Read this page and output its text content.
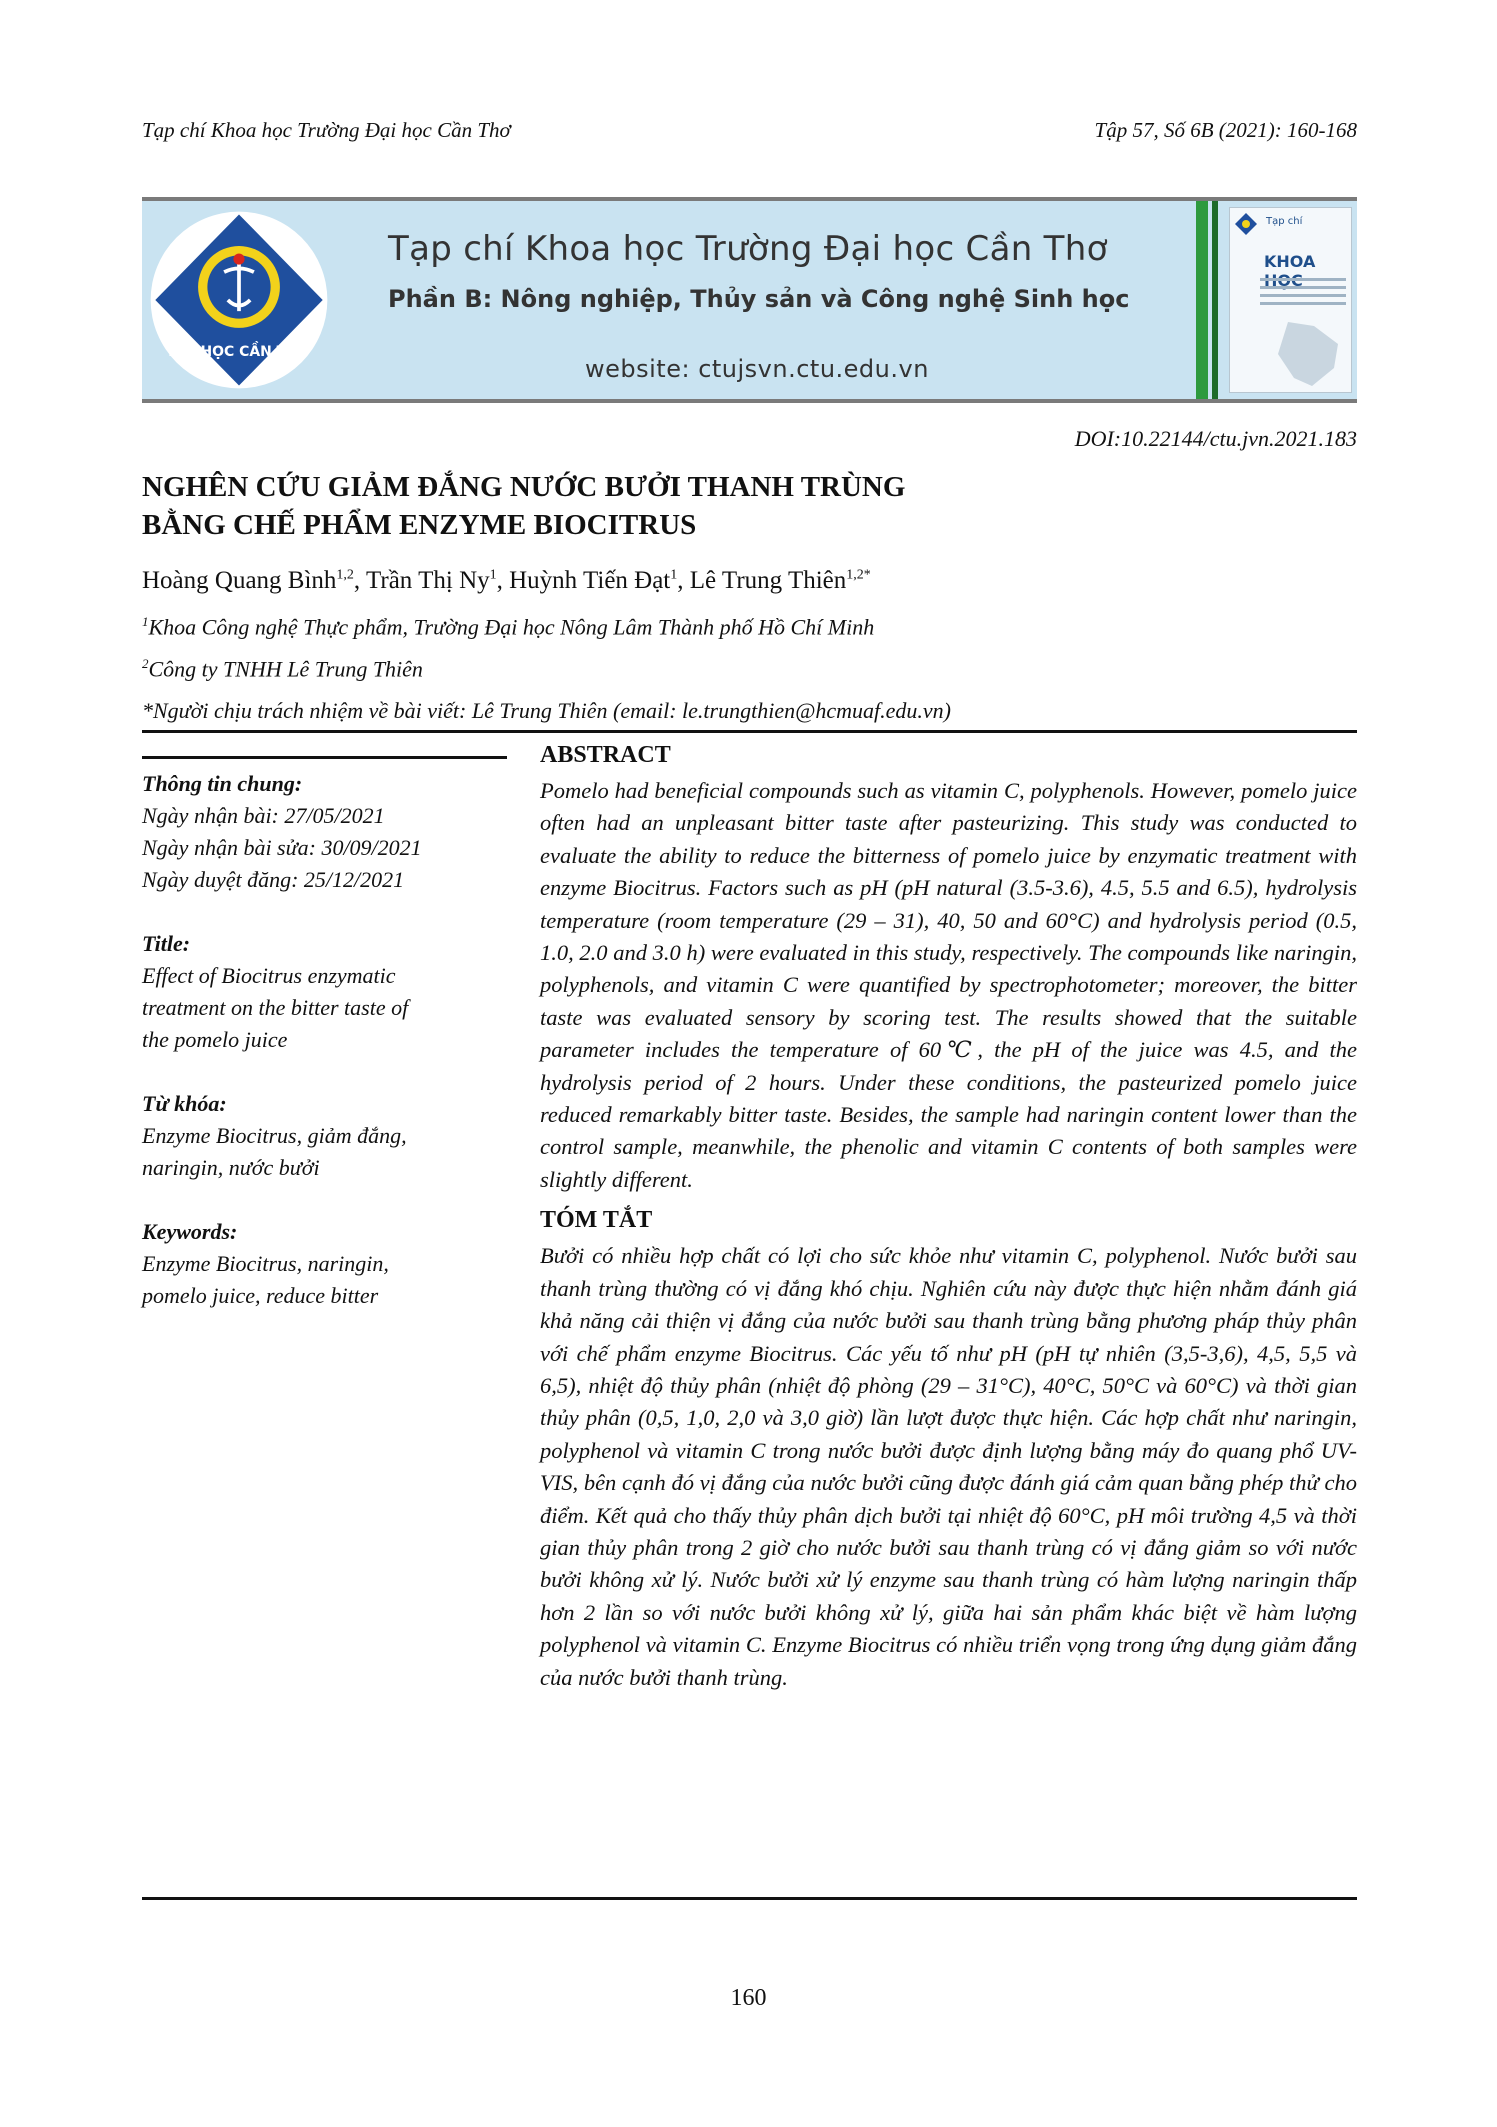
Tạp chí Khoa học Trường Đại học Cần Thơ	Tập 57, Số 6B (2021): 160-168
ĐẠI HỌC CẦN THƠ
Tạp chí Khoa học Trường Đại học Cần Thơ
Phần B: Nông nghiệp, Thủy sản và Công nghệ Sinh học
website: ctujsvn.ctu.edu.vn
Tạp chí
KHOA
DOI:10.22144/ctu.jvn.2021.183
NGHÊN CỨU GIẢM ĐẮNG NƯỚC BƯỞI THANH TRÙNG
BẰNG CHẾ PHẨM ENZYME BIOCITRUS
Hoàng Quang Bình$^{1,2}$, Trần Thị Ny$^1$, Huỳnh Tiến Đạt$^1$, Lê Trung Thiên$^{1,2*}$
$^1$Khoa Công nghệ Thực phẩm, Trường Đại học Nông Lâm Thành phố Hồ Chí Minh
$^2$Công ty TNHH Lê Trung Thiên
*Người chịu trách nhiệm về bài viết: Lê Trung Thiên (email: le.trungthien@hcmuaf.edu.vn)
Thông tin chung:
Ngày nhận bài: 27/05/2021
Ngày nhận bài sửa: 30/09/2021
Ngày duyệt đăng: 25/12/2021
Title:
Effect of Biocitrus enzymatic
treatment on the bitter taste of
the pomelo juice
Từ khóa:
Enzyme Biocitrus, giảm đắng,
naringin, nước bưởi
Keywords:
Enzyme Biocitrus, naringin,
pomelo juice, reduce bitter
ABSTRACT

Pomelo had beneficial compounds such as vitamin C, polyphenols. However, pomelo juice often had an unpleasant bitter taste after pasteurizing. This study was conducted to evaluate the ability to reduce the bitterness of pomelo juice by enzymatic treatment with enzyme Biocitrus. Factors such as pH (pH natural (3.5-3.6), 4.5, 5.5 and 6.5), hydrolysis temperature (room temperature (29 – 31), 40, 50 and 60°C) and hydrolysis period (0.5, 1.0, 2.0 and 3.0 h) were evaluated in this study, respectively. The compounds like naringin, polyphenols, and vitamin C were quantified by spectrophotometer; moreover, the bitter taste was evaluated sensory by scoring test. The results showed that the suitable parameter includes the temperature of 60℃, the pH of the juice was 4.5, and the hydrolysis period of 2 hours. Under these conditions, the pasteurized pomelo juice reduced remarkably bitter taste. Besides, the sample had naringin content lower than the control sample, meanwhile, the phenolic and vitamin C contents of both samples were slightly different.

TÓM TẮT

Bưởi có nhiều hợp chất có lợi cho sức khỏe như vitamin C, polyphenol. Nước bưởi sau thanh trùng thường có vị đắng khó chịu. Nghiên cứu này được thực hiện nhằm đánh giá khả năng cải thiện vị đắng của nước bưởi sau thanh trùng bằng phương pháp thủy phân với chế phẩm enzyme Biocitrus. Các yếu tố như pH (pH tự nhiên (3,5-3,6), 4,5, 5,5 và 6,5), nhiệt độ thủy phân (nhiệt độ phòng (29 – 31°C), 40°C, 50°C và 60°C) và thời gian thủy phân (0,5, 1,0, 2,0 và 3,0 giờ) lần lượt được thực hiện. Các hợp chất như naringin, polyphenol và vitamin C trong nước bưởi được định lượng bằng máy đo quang phổ UV-VIS, bên cạnh đó vị đắng của nước bưởi cũng được đánh giá cảm quan bằng phép thử cho điểm. Kết quả cho thấy thủy phân dịch bưởi tại nhiệt độ 60°C, pH môi trường 4,5 và thời gian thủy phân trong 2 giờ cho nước bưởi sau thanh trùng có vị đắng giảm so với nước bưởi không xử lý. Nước bưởi xử lý enzyme sau thanh trùng có hàm lượng naringin thấp hơn 2 lần so với nước bưởi không xử lý, giữa hai sản phẩm khác biệt về hàm lượng polyphenol và vitamin C. Enzyme Biocitrus có nhiều triển vọng trong ứng dụng giảm đắng của nước bưởi thanh trùng.

160
